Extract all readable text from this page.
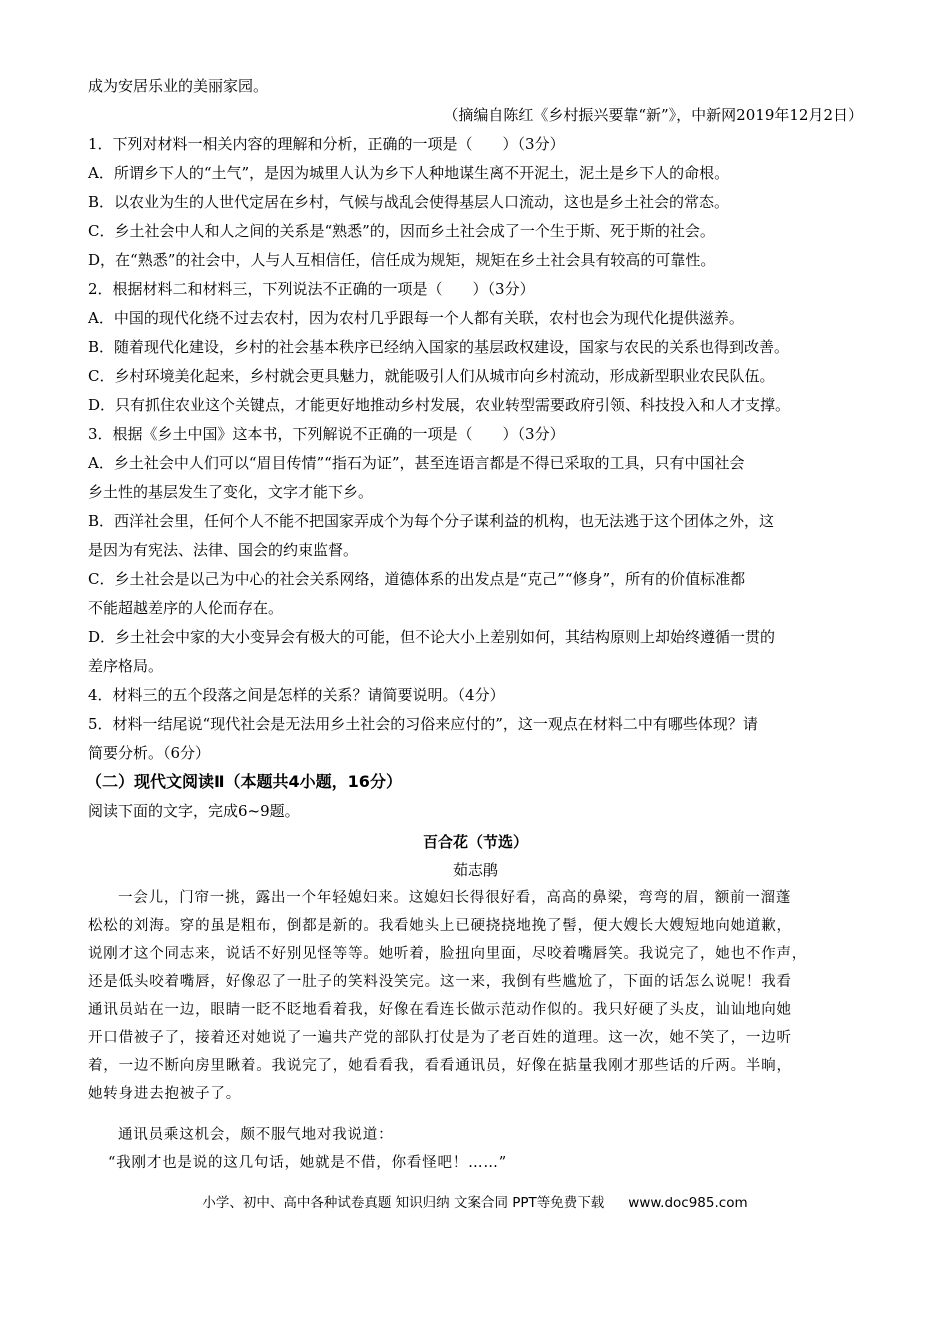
成为安居乐业的美丽家园。
（摘编自陈红《乡村振兴要靠“新”》，中新网2019年12月2日）
1．下列对材料一相关内容的理解和分析，正确的一项是（　　）（3分）
A．所谓乡下人的“土气”，是因为城里人认为乡下人种地谋生离不开泥土，泥土是乡下人的命根。
B．以农业为生的人世代定居在乡村，气候与战乱会使得基层人口流动，这也是乡土社会的常态。
C．乡土社会中人和人之间的关系是“熟悉”的，因而乡土社会成了一个生于斯、死于斯的社会。
D，在“熟悉”的社会中，人与人互相信任，信任成为规矩，规矩在乡土社会具有较高的可靠性。
2．根据材料二和材料三，下列说法不正确的一项是（　　）（3分）
A．中国的现代化绕不过去农村，因为农村几乎跟每一个人都有关联，农村也会为现代化提供滋养。
B．随着现代化建设，乡村的社会基本秩序已经纳入国家的基层政权建设，国家与农民的关系也得到改善。
C．乡村环境美化起来，乡村就会更具魅力，就能吸引人们从城市向乡村流动，形成新型职业农民队伍。
D．只有抓住农业这个关键点，才能更好地推动乡村发展，农业转型需要政府引领、科技投入和人才支撑。
3．根据《乡土中国》这本书，下列解说不正确的一项是（　　）（3分）
A．乡土社会中人们可以“眉目传情”“指石为证”，甚至连语言都是不得已采取的工具，只有中国社会
乡土性的基层发生了变化，文字才能下乡。
B．西洋社会里，任何个人不能不把国家弄成个为每个分子谋利益的机构，也无法逃于这个团体之外，这
是因为有宪法、法律、国会的约束监督。
C．乡土社会是以己为中心的社会关系网络，道德体系的出发点是“克己”“修身”，所有的价值标准都
不能超越差序的人伦而存在。
D．乡土社会中家的大小变异会有极大的可能，但不论大小上差别如何，其结构原则上却始终遵循一贯的
差序格局。
4．材料三的五个段落之间是怎样的关系？请简要说明。（4分）
5．材料一结尾说“现代社会是无法用乡土社会的习俗来应付的”，这一观点在材料二中有哪些体现？请
简要分析。（6分）
（二）现代文阅读Ⅱ（本题共4小题，16分）
阅读下面的文字，完成6~9题。
百合花（节选）
茹志鹃
一会儿，门帘一挑，露出一个年轻媳妇来。这媳妇长得很好看，高高的鼻梁，弯弯的眉，额前一溜蓬
松松的刘海。穿的虽是粗布，倒都是新的。我看她头上已硬挠挠地挽了髻，便大嫂长大嫂短地向她道歉，
说刚才这个同志来，说话不好别见怪等等。她听着，脸扭向里面，尽咬着嘴唇笑。我说完了，她也不作声，
还是低头咬着嘴唇，好像忍了一肚子的笑料没笑完。这一来，我倒有些尴尬了，下面的话怎么说呢！我看
通讯员站在一边，眼睛一眨不眨地看着我，好像在看连长做示范动作似的。我只好硬了头皮，讪讪地向她
开口借被子了，接着还对她说了一遍共产党的部队打仗是为了老百姓的道理。这一次，她不笑了，一边听
着，一边不断向房里瞅着。我说完了，她看看我，看看通讯员，好像在掂量我刚才那些话的斤两。半晌，
她转身进去抱被子了。
通讯员乘这机会，颇不服气地对我说道：
“我刚才也是说的这几句话，她就是不借，你看怪吧！……”
小学、初中、高中各种试卷真题 知识归纳 文案合同 PPT等免费下载 www.doc985.com
